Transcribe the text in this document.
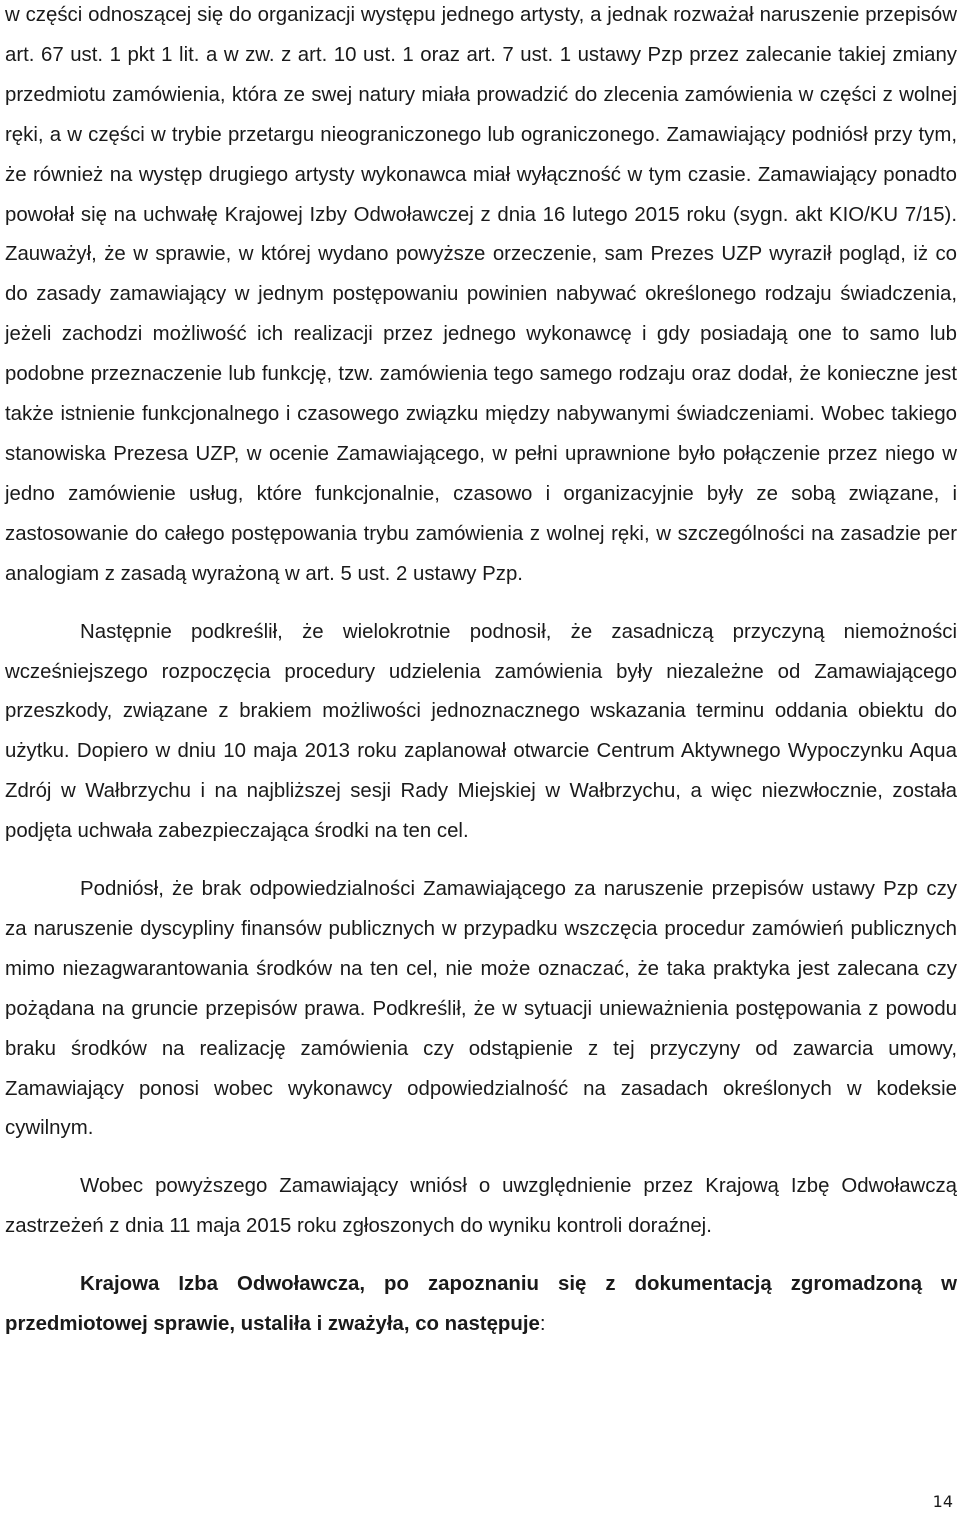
w części odnoszącej się do organizacji występu jednego artysty, a jednak rozważał naruszenie przepisów art. 67 ust. 1 pkt 1 lit. a w zw. z art. 10 ust. 1 oraz art. 7 ust. 1 ustawy Pzp przez zalecanie takiej zmiany przedmiotu zamówienia, która ze swej natury miała prowadzić do zlecenia zamówienia w części z wolnej ręki, a w części w trybie przetargu nieograniczonego lub ograniczonego. Zamawiający podniósł przy tym, że również na występ drugiego artysty wykonawca miał wyłączność w tym czasie. Zamawiający ponadto powołał się na uchwałę Krajowej Izby Odwoławczej z dnia 16 lutego 2015 roku (sygn. akt KIO/KU 7/15). Zauważył, że w sprawie, w której wydano powyższe orzeczenie, sam Prezes UZP wyraził pogląd, iż co do zasady zamawiający w jednym postępowaniu powinien nabywać określonego rodzaju świadczenia, jeżeli zachodzi możliwość ich realizacji przez jednego wykonawcę i gdy posiadają one to samo lub podobne przeznaczenie lub funkcję, tzw. zamówienia tego samego rodzaju oraz dodał, że konieczne jest także istnienie funkcjonalnego i czasowego związku między nabywanymi świadczeniami. Wobec takiego stanowiska Prezesa UZP, w ocenie Zamawiającego, w pełni uprawnione było połączenie przez niego w jedno zamówienie usług, które funkcjonalnie, czasowo i organizacyjnie były ze sobą związane, i zastosowanie do całego postępowania trybu zamówienia z wolnej ręki, w szczególności na zasadzie per analogiam z zasadą wyrażoną w art. 5 ust. 2 ustawy Pzp.

Następnie podkreślił, że wielokrotnie podnosił, że zasadniczą przyczyną niemożności wcześniejszego rozpoczęcia procedury udzielenia zamówienia były niezależne od Zamawiającego przeszkody, związane z brakiem możliwości jednoznacznego wskazania terminu oddania obiektu do użytku. Dopiero w dniu 10 maja 2013 roku zaplanował otwarcie Centrum Aktywnego Wypoczynku Aqua Zdrój w Wałbrzychu i na najbliższej sesji Rady Miejskiej w Wałbrzychu, a więc niezwłocznie, została podjęta uchwała zabezpieczająca środki na ten cel.

Podniósł, że brak odpowiedzialności Zamawiającego za naruszenie przepisów ustawy Pzp czy za naruszenie dyscypliny finansów publicznych w przypadku wszczęcia procedur zamówień publicznych mimo niezagwarantowania środków na ten cel, nie może oznaczać, że taka praktyka jest zalecana czy pożądana na gruncie przepisów prawa. Podkreślił, że w sytuacji unieważnienia postępowania z powodu braku środków na realizację zamówienia czy odstąpienie z tej przyczyny od zawarcia umowy, Zamawiający ponosi wobec wykonawcy odpowiedzialność na zasadach określonych w kodeksie cywilnym.

Wobec powyższego Zamawiający wniósł o uwzględnienie przez Krajową Izbę Odwoławczą zastrzeżeń z dnia 11 maja 2015 roku zgłoszonych do wyniku kontroli doraźnej.

Krajowa Izba Odwoławcza, po zapoznaniu się z dokumentacją zgromadzoną w przedmiotowej sprawie, ustaliła i zważyła, co następuje:

14
